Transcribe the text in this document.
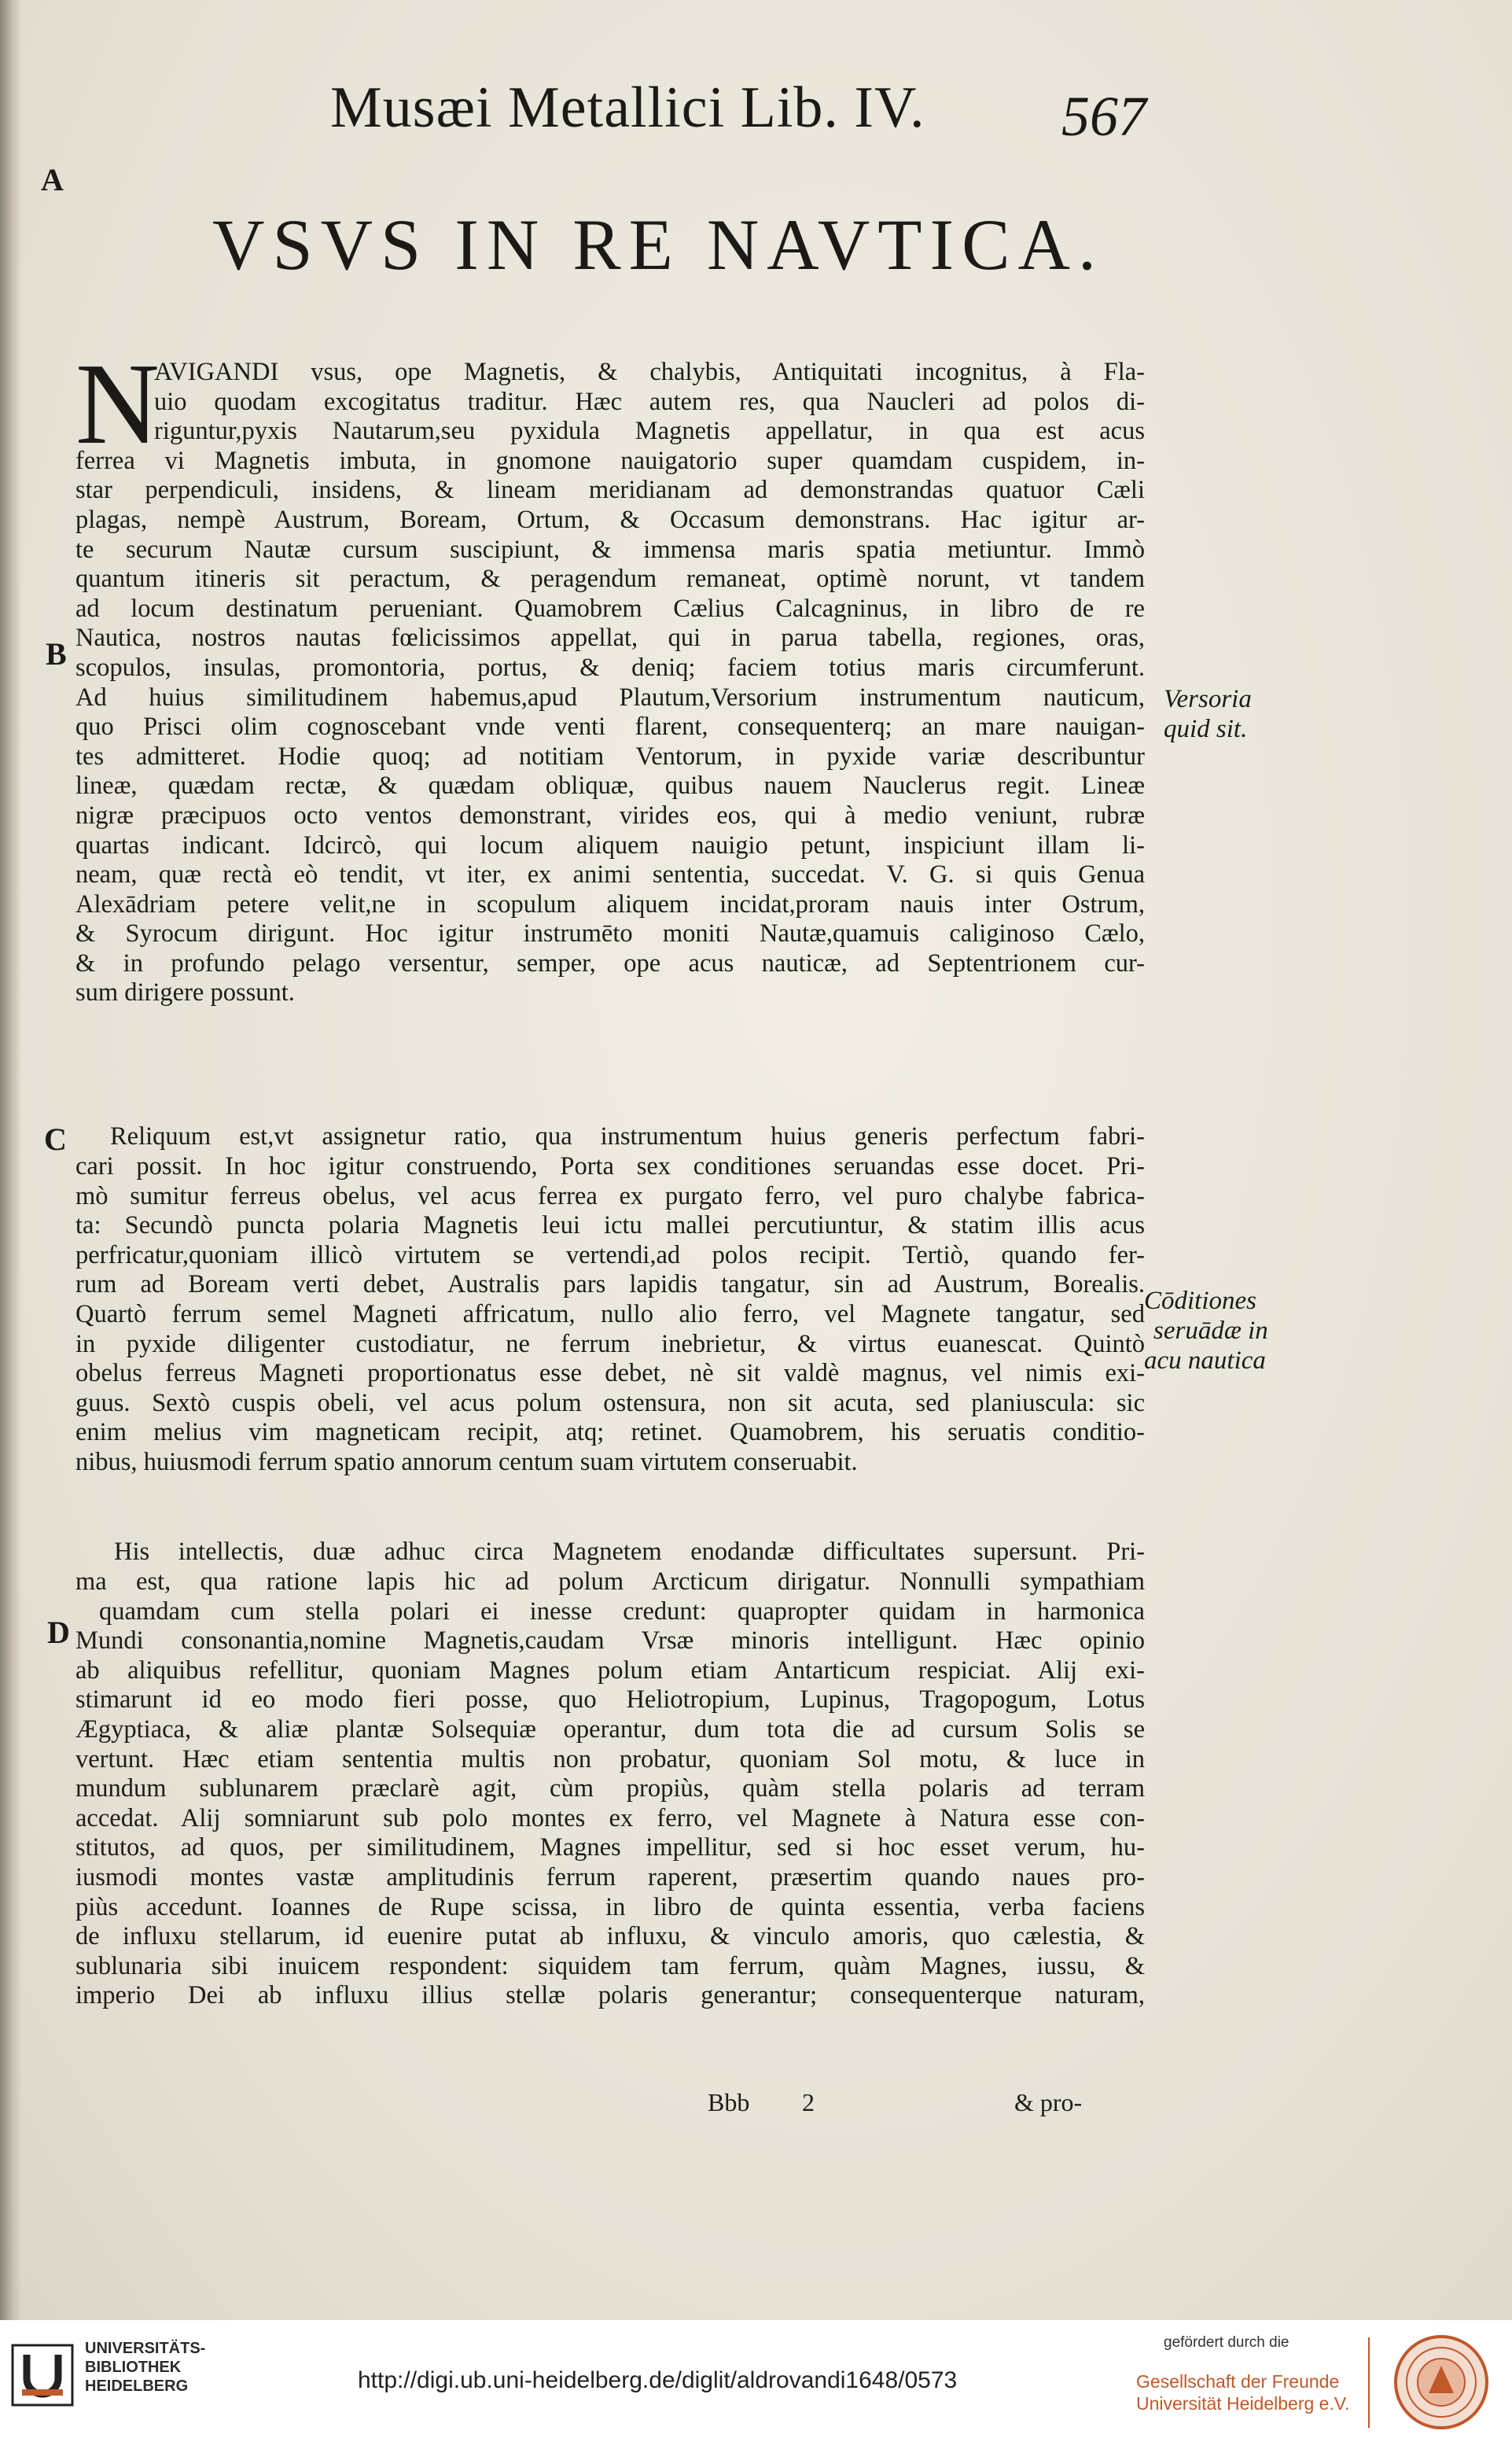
Musæi Metallici Lib. IV. 567
A
B
C
D
VSVS IN RE NAVTICA.
N
AVIGANDI vsus, ope Magnetis, & chalybis, Antiquitati incognitus, à Fla-
uio quodam excogitatus traditur. Hæc autem res, qua Naucleri ad polos di-
riguntur,pyxis Nautarum,seu pyxidula Magnetis appellatur, in qua est acus
ferrea vi Magnetis imbuta, in gnomone nauigatorio super quamdam cuspidem, in-
star perpendiculi, insidens, & lineam meridianam ad demonstrandas quatuor Cæli
plagas, nempè Austrum, Boream, Ortum, & Occasum demonstrans. Hac igitur ar-
te securum Nautæ cursum suscipiunt, & immensa maris spatia metiuntur. Immò
quantum itineris sit peractum, & peragendum remaneat, optimè norunt, vt tandem
ad locum destinatum perueniant. Quamobrem Cælius Calcagninus, in libro de re
Nautica, nostros nautas fœlicissimos appellat, qui in parua tabella, regiones, oras,
scopulos, insulas, promontoria, portus, & deniq; faciem totius maris circumferunt.
Ad huius similitudinem habemus,apud Plautum,Versorium instrumentum nauticum,
quo Prisci olim cognoscebant vnde venti flarent, consequenterq; an mare nauigan-
tes admitteret. Hodie quoq; ad notitiam Ventorum, in pyxide variæ describuntur
lineæ, quædam rectæ, & quædam obliquæ, quibus nauem Nauclerus regit. Lineæ
nigræ præcipuos octo ventos demonstrant, virides eos, qui à medio veniunt, rubræ
quartas indicant. Idcircò, qui locum aliquem nauigio petunt, inspiciunt illam li-
neam, quæ rectà eò tendit, vt iter, ex animi sententia, succedat. V. G. si quis Genua
Alexādriam petere velit,ne in scopulum aliquem incidat,proram nauis inter Ostrum,
& Syrocum dirigunt. Hoc igitur instrumēto moniti Nautæ,quamuis caliginoso Cælo,
& in profundo pelago versentur, semper, ope acus nauticæ, ad Septentrionem cur-
sum dirigere possunt.
Reliquum est,vt assignetur ratio, qua instrumentum huius generis perfectum fabri-
cari possit. In hoc igitur construendo, Porta sex conditiones seruandas esse docet. Pri-
mò sumitur ferreus obelus, vel acus ferrea ex purgato ferro, vel puro chalybe fabrica-
ta: Secundò puncta polaria Magnetis leui ictu mallei percutiuntur, & statim illis acus
perfricatur,quoniam illicò virtutem se vertendi,ad polos recipit. Tertiò, quando fer-
rum ad Boream verti debet, Australis pars lapidis tangatur, sin ad Austrum, Borealis.
Quartò ferrum semel Magneti affricatum, nullo alio ferro, vel Magnete tangatur, sed
in pyxide diligenter custodiatur, ne ferrum inebrietur, & virtus euanescat. Quintò
obelus ferreus Magneti proportionatus esse debet, nè sit valdè magnus, vel nimis exi-
guus. Sextò cuspis obeli, vel acus polum ostensura, non sit acuta, sed planiuscula: sic
enim melius vim magneticam recipit, atq; retinet. Quamobrem, his seruatis conditio-
nibus, huiusmodi ferrum spatio annorum centum suam virtutem conseruabit.
His intellectis, duæ adhuc circa Magnetem enodandæ difficultates supersunt. Pri-
ma est, qua ratione lapis hic ad polum Arcticum dirigatur. Nonnulli sympathiam
quamdam cum stella polari ei inesse credunt: quapropter quidam in harmonica
Mundi consonantia,nomine Magnetis,caudam Vrsæ minoris intelligunt. Hæc opinio
ab aliquibus refellitur, quoniam Magnes polum etiam Antarticum respiciat. Alij exi-
stimarunt id eo modo fieri posse, quo Heliotropium, Lupinus, Tragopogum, Lotus
Ægyptiaca, & aliæ plantæ Solsequiæ operantur, dum tota die ad cursum Solis se
vertunt. Hæc etiam sententia multis non probatur, quoniam Sol motu, & luce in
mundum sublunarem præclarè agit, cùm propiùs, quàm stella polaris ad terram
accedat. Alij somniarunt sub polo montes ex ferro, vel Magnete à Natura esse con-
stitutos, ad quos, per similitudinem, Magnes impellitur, sed si hoc esset verum, hu-
iusmodi montes vastæ amplitudinis ferrum raperent, præsertim quando naues pro-
piùs accedunt. Ioannes de Rupe scissa, in libro de quinta essentia, verba faciens
de influxu stellarum, id euenire putat ab influxu, & vinculo amoris, quo cælestia, &
sublunaria sibi inuicem respondent: siquidem tam ferrum, quàm Magnes, iussu, &
imperio Dei ab influxu illius stellæ polaris generantur; consequenterque naturam,
Versoria
quid sit.
Cōditiones
seruādæ in
acu nautica
Bbb 2	& pro-
UNIVERSITÄTS-
BIBLIOTHEK
HEIDELBERG	http://digi.ub.uni-heidelberg.de/diglit/aldrovandi1648/0573
gefördert durch die
Gesellschaft der Freunde
Universität Heidelberg e.V.
